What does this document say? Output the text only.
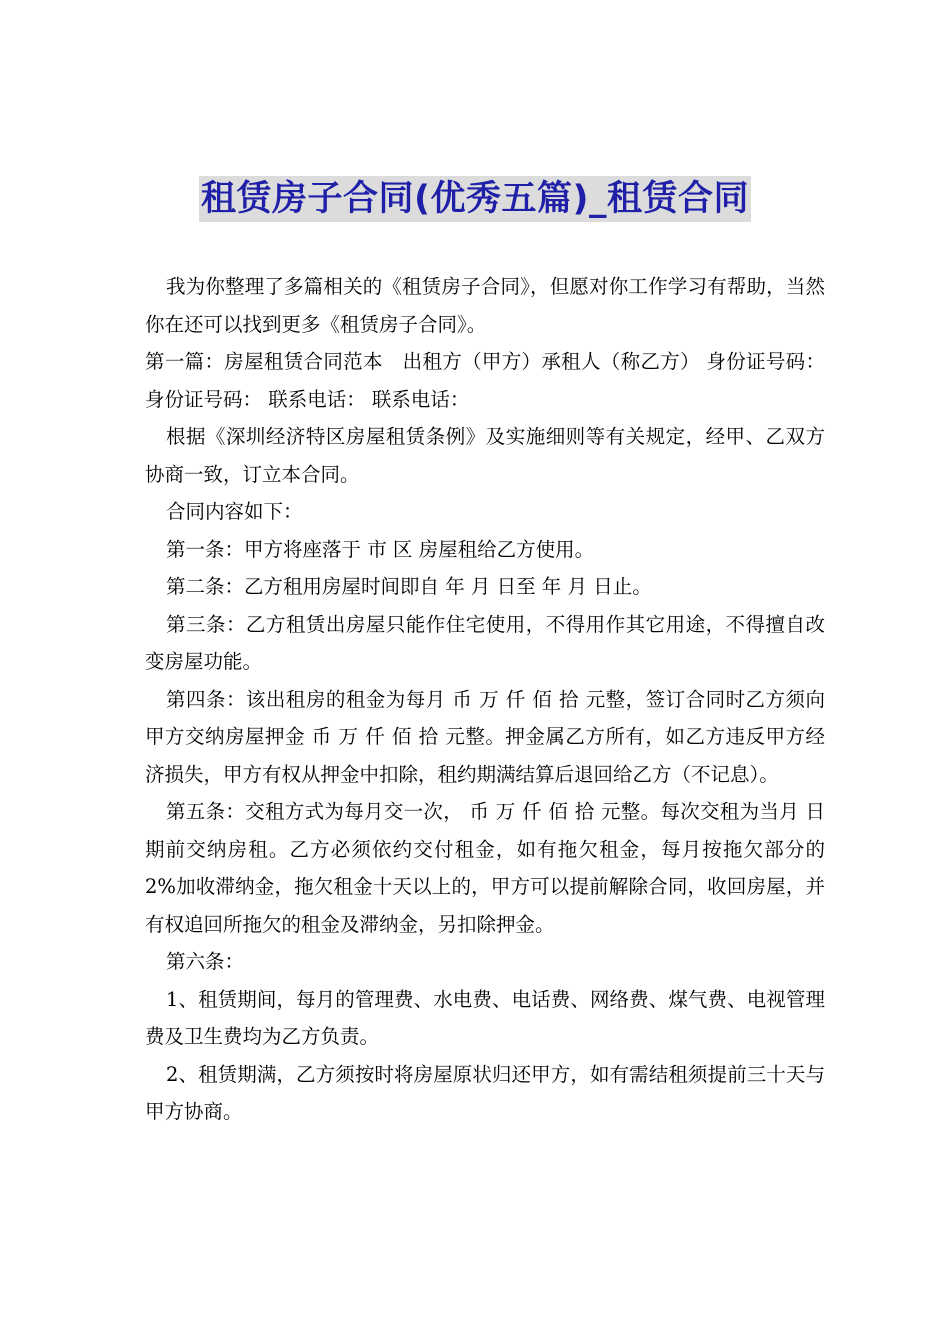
租赁房子合同(优秀五篇)_租赁合同

我为你整理了多篇相关的《租赁房子合同》，但愿对你工作学习有帮助，当然你在还可以找到更多《租赁房子合同》。

第一篇：房屋租赁合同范本　出租方（甲方）承租人（称乙方） 身份证号码： 身份证号码： 联系电话： 联系电话：

根据《深圳经济特区房屋租赁条例》及实施细则等有关规定，经甲、乙双方协商一致，订立本合同。

合同内容如下：

第一条：甲方将座落于 市 区 房屋租给乙方使用。

第二条：乙方租用房屋时间即自 年 月 日至 年 月 日止。

第三条：乙方租赁出房屋只能作住宅使用，不得用作其它用途，不得擅自改变房屋功能。

第四条：该出租房的租金为每月 币 万 仟 佰 拾 元整，签订合同时乙方须向甲方交纳房屋押金 币 万 仟 佰 拾 元整。押金属乙方所有，如乙方违反甲方经济损失，甲方有权从押金中扣除，租约期满结算后退回给乙方（不记息）。

第五条：交租方式为每月交一次， 币 万 仟 佰 拾 元整。每次交租为当月 日期前交纳房租。乙方必须依约交付租金，如有拖欠租金，每月按拖欠部分的 2%加收滞纳金，拖欠租金十天以上的，甲方可以提前解除合同，收回房屋，并有权追回所拖欠的租金及滞纳金，另扣除押金。

第六条：

1、租赁期间，每月的管理费、水电费、电话费、网络费、煤气费、电视管理费及卫生费均为乙方负责。

2、租赁期满，乙方须按时将房屋原状归还甲方，如有需结租须提前三十天与甲方协商。
